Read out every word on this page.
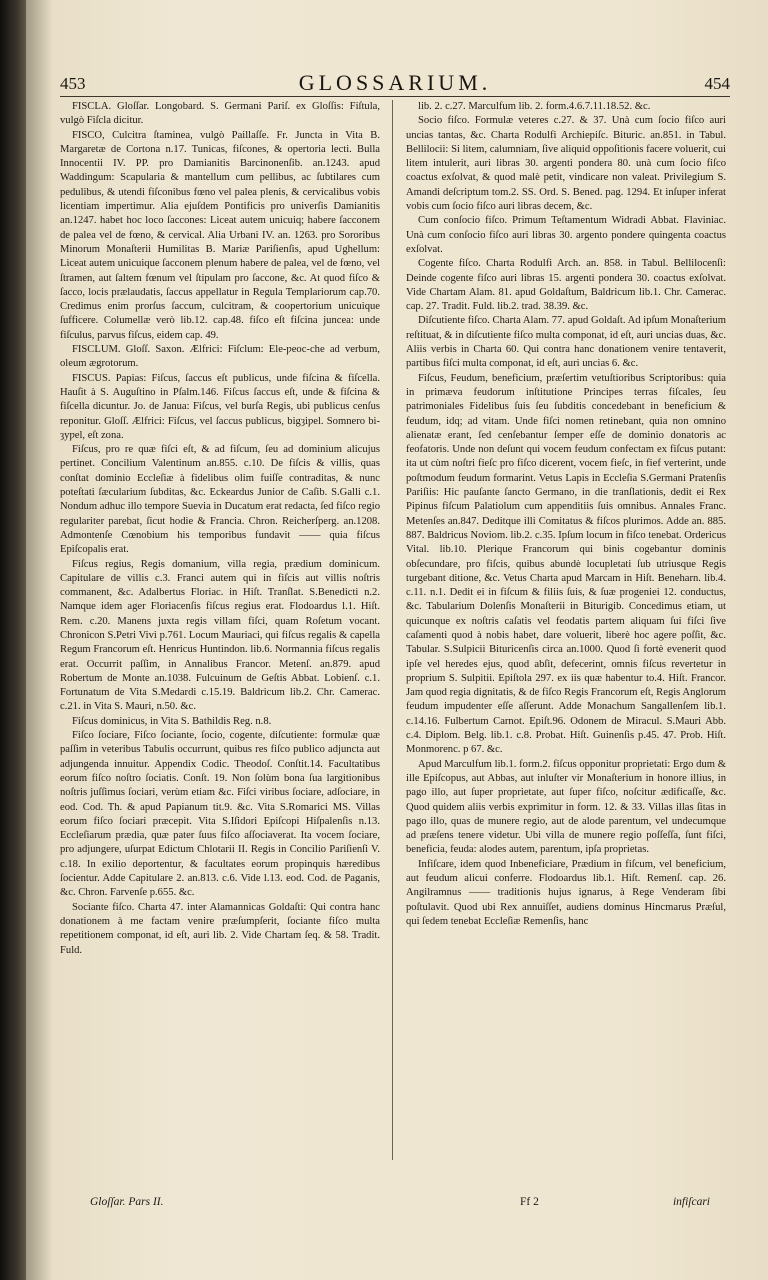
453	GLOSSARIUM.	454

FISCLA. Gloſſar. Longobard. S. Germani Pariſ. ex Gloſſis: Fiſtula, vulgò Fiſcla dicitur.

FISCO, Culcitra ſtaminea, vulgò Paillaſſe. Fr. Juncta in Vita B. Margaretæ de Cortona n.17. Tunicas, fiſcones, & opertoria lecti. Bulla Innocentii IV. PP. pro Damianitis Barcinonenſib. an.1243. apud Waddingum: Scapularia & mantellum cum pellibus, ac ſubtilares cum pedulibus, & utendi fiſconibus fœno vel palea plenis, & cervicalibus vobis licentiam impertimur. Alia ejuſdem Pontificis pro univerſis Damianitis an.1247. habet hoc loco ſaccones: Liceat autem unicuiq; habere ſacconem de palea vel de fœno, & cervical. Alia Urbani IV. an. 1263. pro Sororibus Minorum Monaſterii Humilitas B. Mariæ Pariſienſis, apud Ughellum: Liceat autem unicuique ſacconem plenum habere de palea, vel de fœno, vel ſtramen, aut ſaltem fœnum vel ſtipulam pro ſaccone, &c. At quod fiſco & ſacco, locis prælaudatis, ſaccus appellatur in Regula Templariorum cap.70. Credimus enim prorſus ſaccum, culcitram, & coopertorium unicuique ſufficere. Columellæ verò lib.12. cap.48. fiſco eſt fiſcina juncea: unde fiſculus, parvus fiſcus, eidem cap. 49.

FISCLUM. Gloſſ. Saxon. Ælfrici: Fiſclum: Ele-ƿeoc-che ad verbum, oleum ægrotorum.

FISCUS. Papias: Fiſcus, ſaccus eſt publicus, unde fiſcina & fiſcella. Hauſit à S. Auguſtino in Pſalm.146. Fiſcus ſaccus eſt, unde & fiſcina & fiſcella dicuntur. Jo. de Janua: Fiſcus, vel burſa Regis, ubi publicus cenſus reponitur. Gloſſ. Ælfrici: Fiſcus, vel ſaccus publicus, bigȝiƿel. Somnero bi-ȝyƿel, eſt zona.

Fiſcus, pro re quæ fiſci eſt, & ad fiſcum, ſeu ad dominium alicujus pertinet. Concilium Valentinum an.855. c.10. De fiſcis & villis, quas conſtat dominio Eccleſiæ à fidelibus olim fuiſſe contraditas, & nunc poteſtati ſæcularium ſubditas, &c. Eckeardus Junior de Caſib. S.Galli c.1. Nondum adhuc illo tempore Suevia in Ducatum erat redacta, ſed fiſco regio regulariter parebat, ſicut hodie & Francia. Chron. Reicherſperg. an.1208. Admontenſe Cœnobium his temporibus fundavit —— quia fiſcus Epiſcopalis erat.

Fiſcus regius, Regis domanium, villa regia, prædium dominicum. Capitulare de villis c.3. Franci autem qui in fiſcis aut villis noſtris commanent, &c. Adalbertus Floriac. in Hiſt. Tranſlat. S.Benedicti n.2. Namque idem ager Floriacenſis fiſcus regius erat. Flodoardus l.1. Hiſt. Rem. c.20. Manens juxta regis villam fiſci, quam Roſetum vocant. Chronicon S.Petri Vivi p.761. Locum Mauriaci, qui fiſcus regalis & capella Regum Francorum eſt. Henricus Huntindon. lib.6. Normannia fiſcus regalis erat. Occurrit paſſim, in Annalibus Francor. Metenſ. an.879. apud Robertum de Monte an.1038. Fulcuinum de Geſtis Abbat. Lobienſ. c.1. Fortunatum de Vita S.Medardi c.15.19. Baldricum lib.2. Chr. Camerac. c.21. in Vita S. Mauri, n.50. &c.

Fiſcus dominicus, in Vita S. Bathildis Reg. n.8.

Fiſco ſociare, Fiſco ſociante, ſocio, cogente, diſcutiente: formulæ quæ paſſim in veteribus Tabulis occurrunt, quibus res fiſco publico adjuncta aut adjungenda innuitur. Appendix Codic. Theodoſ. Conſtit.14. Facultatibus eorum fiſco noſtro ſociatis. Conſt. 19. Non ſolùm bona ſua largitionibus noſtris juſſimus ſociari, verùm etiam &c. Fiſci viribus ſociare, adſociare, in eod. Cod. Th. & apud Papianum tit.9. &c. Vita S.Romarici MS. Villas eorum fiſco ſociari præcepit. Vita S.Iſidori Epiſcopi Hiſpalenſis n.13. Eccleſiarum prædia, quæ pater ſuus fiſco aſſociaverat. Ita vocem ſociare, pro adjungere, uſurpat Edictum Chlotarii II. Regis in Concilio Pariſienſi V. c.18. In exilio deportentur, & facultates eorum propinquis hæredibus ſocientur. Adde Capitulare 2. an.813. c.6. Vide l.13. eod. Cod. de Paganis, &c. Chron. Farvenſe p.655. &c.

Sociante fiſco. Charta 47. inter Alamannicas Goldaſti: Qui contra hanc donationem à me factam venire præſumpſerit, ſociante fiſco multa repetitionem componat, id eſt, auri lib. 2. Vide Chartam ſeq. & 58. Tradit. Fuld.

lib. 2. c.27. Marculfum lib. 2. form.4.6.7.11.18.52. &c.

Socio fiſco. Formulæ veteres c.27. & 37. Unà cum ſocio fiſco auri uncias tantas, &c. Charta Rodulfi Archiepiſc. Bituric. an.851. in Tabul. Bellilocii: Si litem, calumniam, ſive aliquid oppoſitionis facere voluerit, cui litem intulerit, auri libras 30. argenti pondera 80. unà cum ſocio fiſco coactus exſolvat, & quod malè petit, vindicare non valeat. Privilegium S. Amandi deſcriptum tom.2. SS. Ord. S. Bened. pag. 1294. Et inſuper inferat vobis cum ſocio fiſco auri libras decem, &c.

Cum conſocio fiſco. Primum Teſtamentum Widradi Abbat. Flaviniac. Unà cum conſocio fiſco auri libras 30. argento pondere quingenta coactus exſolvat.

Cogente fiſco. Charta Rodulfi Arch. an. 858. in Tabul. Bellilocenſi: Deinde cogente fiſco auri libras 15. argenti pondera 30. coactus exſolvat. Vide Chartam Alam. 81. apud Goldaſtum, Baldricum lib.1. Chr. Camerac. cap. 27. Tradit. Fuld. lib.2. trad. 38.39. &c.

Diſcutiente fiſco. Charta Alam. 77. apud Goldaſt. Ad ipſum Monaſterium reſtituat, & in diſcutiente fiſco multa componat, id eſt, auri uncias duas, &c. Aliis verbis in Charta 60. Qui contra hanc donationem venire tentaverit, partibus fiſci multa componat, id eſt, auri uncias 6. &c.

Fiſcus, Feudum, beneficium, præſertim vetuſtioribus Scriptoribus: quia in primæva feudorum inſtitutione Principes terras fiſcales, ſeu patrimoniales Fidelibus ſuis ſeu ſubditis concedebant in beneficium & feudum, idq; ad vitam. Unde fiſci nomen retinebant, quia non omnino alienatæ erant, ſed cenſebantur ſemper eſſe de dominio donatoris ac feofatoris. Unde non deſunt qui vocem feudum confectam ex fiſcus putant: ita ut cùm noſtri fieſc pro fiſco dicerent, vocem fieſc, in fief verterint, unde poſtmodum feudum formarint. Vetus Lapis in Eccleſia S.Germani Pratenſis Pariſiis: Hic pauſante ſancto Germano, in die tranſlationis, dedit ei Rex Pipinus fiſcum Palatiolum cum appenditiis ſuis omnibus. Annales Franc. Metenſes an.847. Deditque illi Comitatus & fiſcos plurimos. Adde an. 885. 887. Baldricus Noviom. lib.2. c.35. Ipſum locum in fiſco tenebat. Ordericus Vital. lib.10. Plerique Francorum qui binis cogebantur dominis obſecundare, pro fiſcis, quibus abundè locupletati ſub utriusque Regis turgebant ditione, &c. Vetus Charta apud Marcam in Hiſt. Beneharn. lib.4. c.11. n.1. Dedit ei in fiſcum & filiis ſuis, & ſuæ progeniei 12. conductus, &c. Tabularium Dolenſis Monaſterii in Biturigib. Concedimus etiam, ut quicunque ex noſtris caſatis vel feodatis partem aliquam ſui fiſci ſive caſamenti quod à nobis habet, dare voluerit, liberè hoc agere poſſit, &c. Tabular. S.Sulpicii Bituricenſis circa an.1000. Quod ſi fortè evenerit quod ipſe vel heredes ejus, quod abſit, defecerint, omnis fiſcus revertetur in proprium S. Sulpitii. Epiſtola 297. ex iis quæ habentur to.4. Hiſt. Francor. Jam quod regia dignitatis, & de fiſco Regis Francorum eſt, Regis Anglorum feudum impudenter eſſe aſſerunt. Adde Monachum Sangallenſem lib.1. c.14.16. Fulbertum Carnot. Epiſt.96. Odonem de Miracul. S.Mauri Abb. c.4. Diplom. Belg. lib.1. c.8. Probat. Hiſt. Guinenſis p.45. 47. Prob. Hiſt. Monmorenc. p 67. &c.

Apud Marculfum lib.1. form.2. fiſcus opponitur proprietati: Ergo dum & ille Epiſcopus, aut Abbas, aut inluſter vir Monaſterium in honore illius, in pago illo, aut ſuper proprietate, aut ſuper fiſco, noſcitur ædificaſſe, &c. Quod quidem aliis verbis exprimitur in form. 12. & 33. Villas illas ſitas in pago illo, quas de munere regio, aut de alode parentum, vel undecumque ad præſens tenere videtur. Ubi villa de munere regio poſſeſſa, ſunt fiſci, beneficia, feuda: alodes autem, parentum, ipſa proprietas.

Infiſcare, idem quod Inbeneficiare, Prædium in fiſcum, vel beneficium, aut feudum alicui conferre. Flodoardus lib.1. Hiſt. Remenſ. cap. 26. Angilramnus —— traditionis hujus ignarus, à Rege Venderam ſibi poſtulavit. Quod ubi Rex annuiſſet, audiens dominus Hincmarus Præſul, qui ſedem tenebat Eccleſiæ Remenſis, hanc

Gloſſar. Pars II.	Ff 2	infiſcari
